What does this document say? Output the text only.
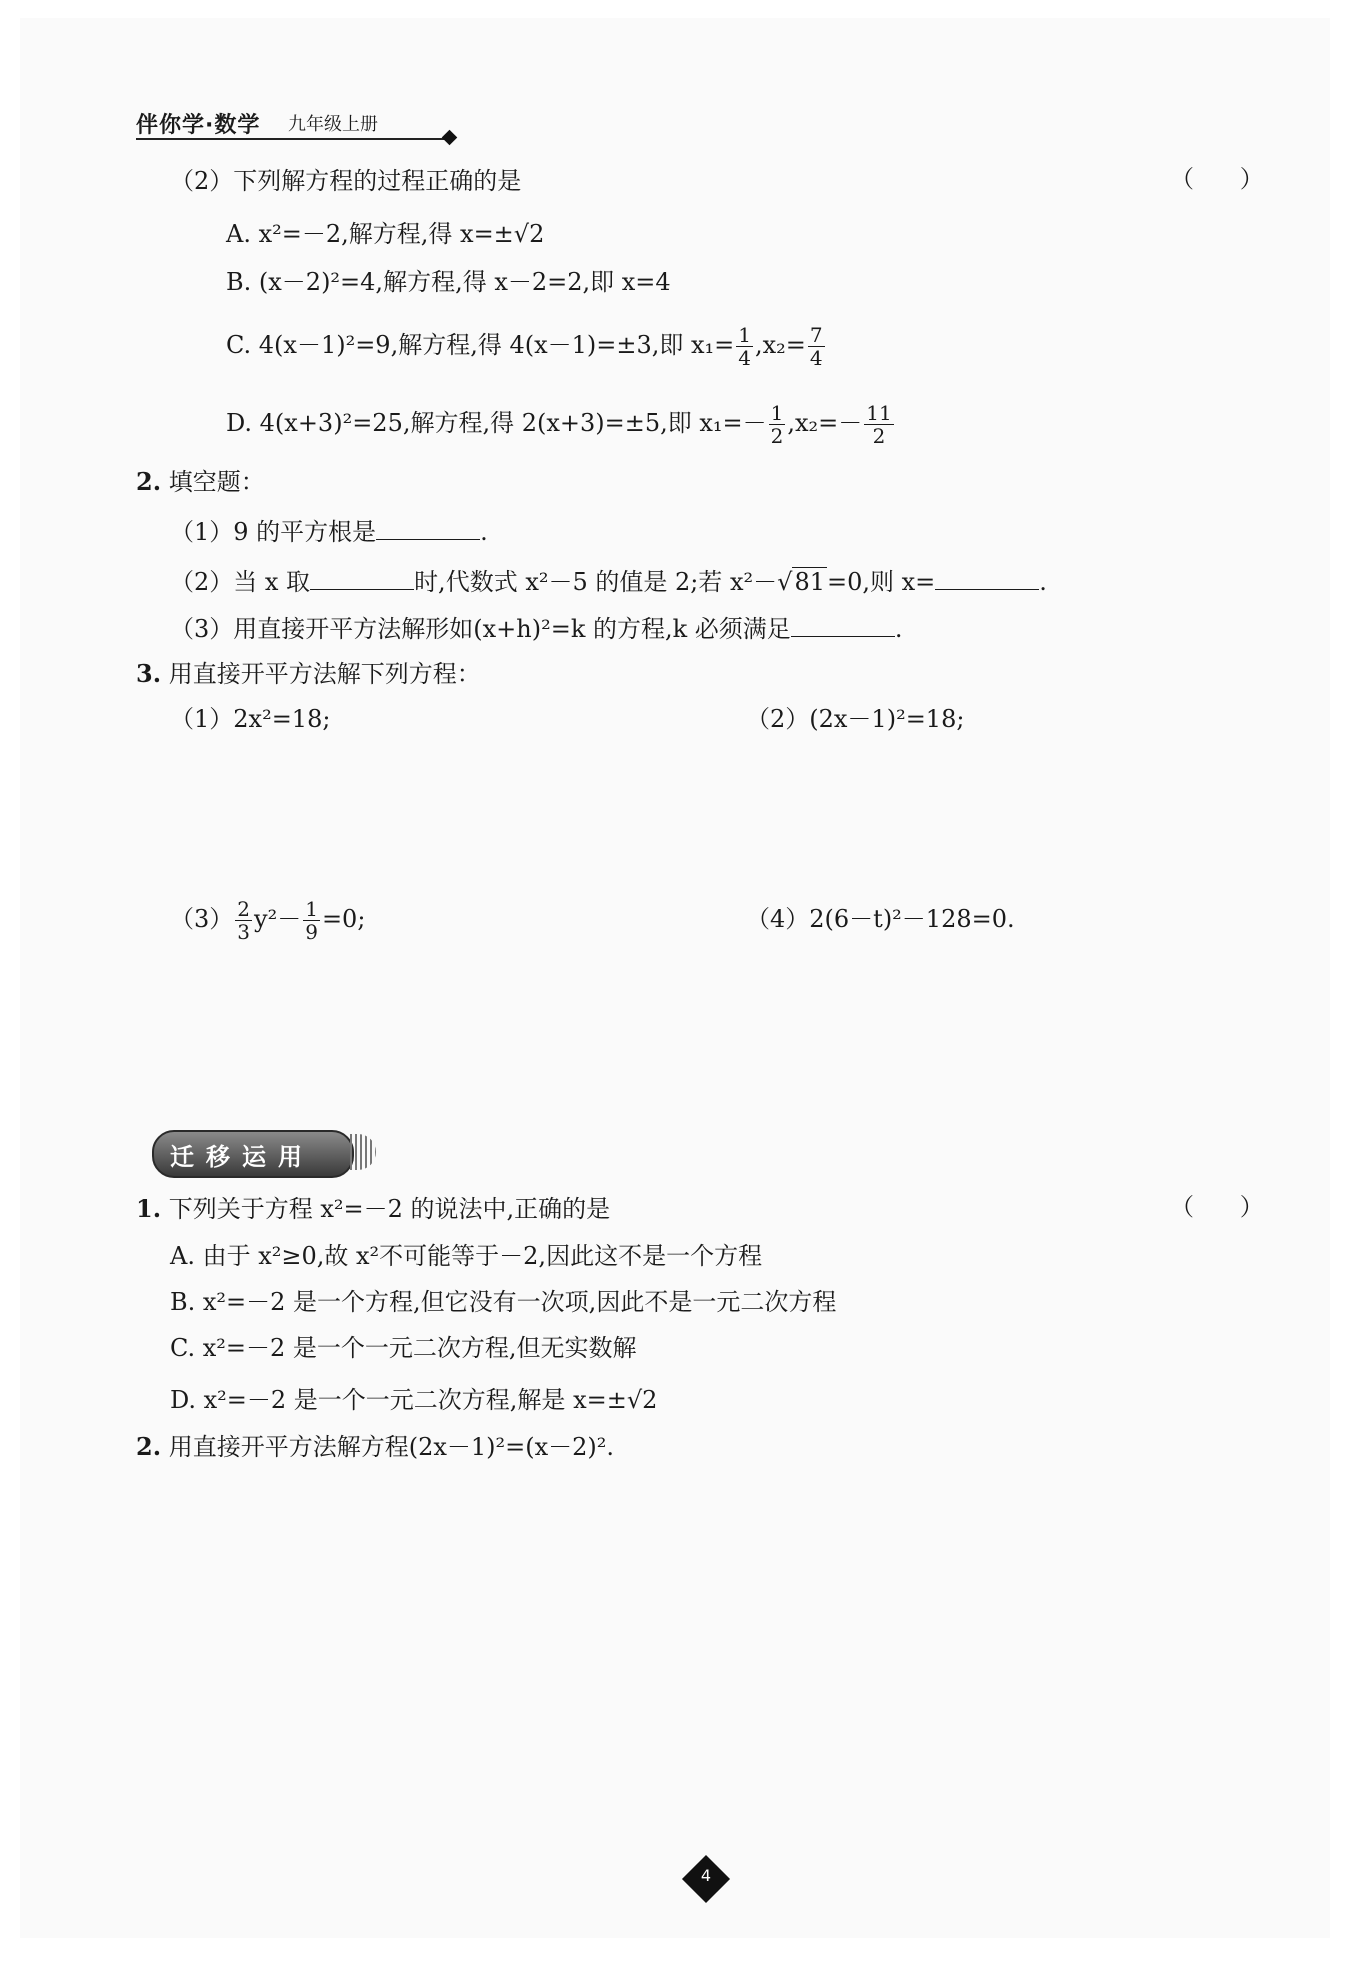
伴你学·数学 九年级上册
（2）下列解方程的过程正确的是	（      ）
A. x²=－2,解方程,得 x=±√2
B. (x－2)²=4,解方程,得 x－2=2,即 x=4
C. 4(x－1)²=9,解方程,得 4(x－1)=±3,即 $x_1= \frac{1}{4} ,x_2= \frac{7}{4}$
D. 4(x+3)²=25,解方程,得 2(x+3)=±5,即 $x_1=- \frac{1}{2} ,x_2=- \frac{11}{2}$
2. 填空题：
（1）9 的平方根是	.
（2）当 x 取	时,代数式 x²－5 的值是 2;若 x²－√81=0,则 x=	.
（3）用直接开平方法解形如(x+h)²=k 的方程,k 必须满足	.
3. 用直接开平方法解下列方程：
（1）2x²=18;	（2）(2x－1)²=18;
$(3) \frac{2}{3} y^2- \frac{1}{9} =0$;	（4）2(6－t)²－128=0.
迁移运用
1. 下列关于方程 x²=－2 的说法中,正确的是	（      ）
A. 由于 x²≥0,故 x²不可能等于－2,因此这不是一个方程
B. x²=－2 是一个方程,但它没有一次项,因此不是一元二次方程
C. x²=－2 是一个一元二次方程,但无实数解
D. x²=－2 是一个一元二次方程,解是 x=±√2
2. 用直接开平方法解方程(2x－1)²=(x－2)².
4
